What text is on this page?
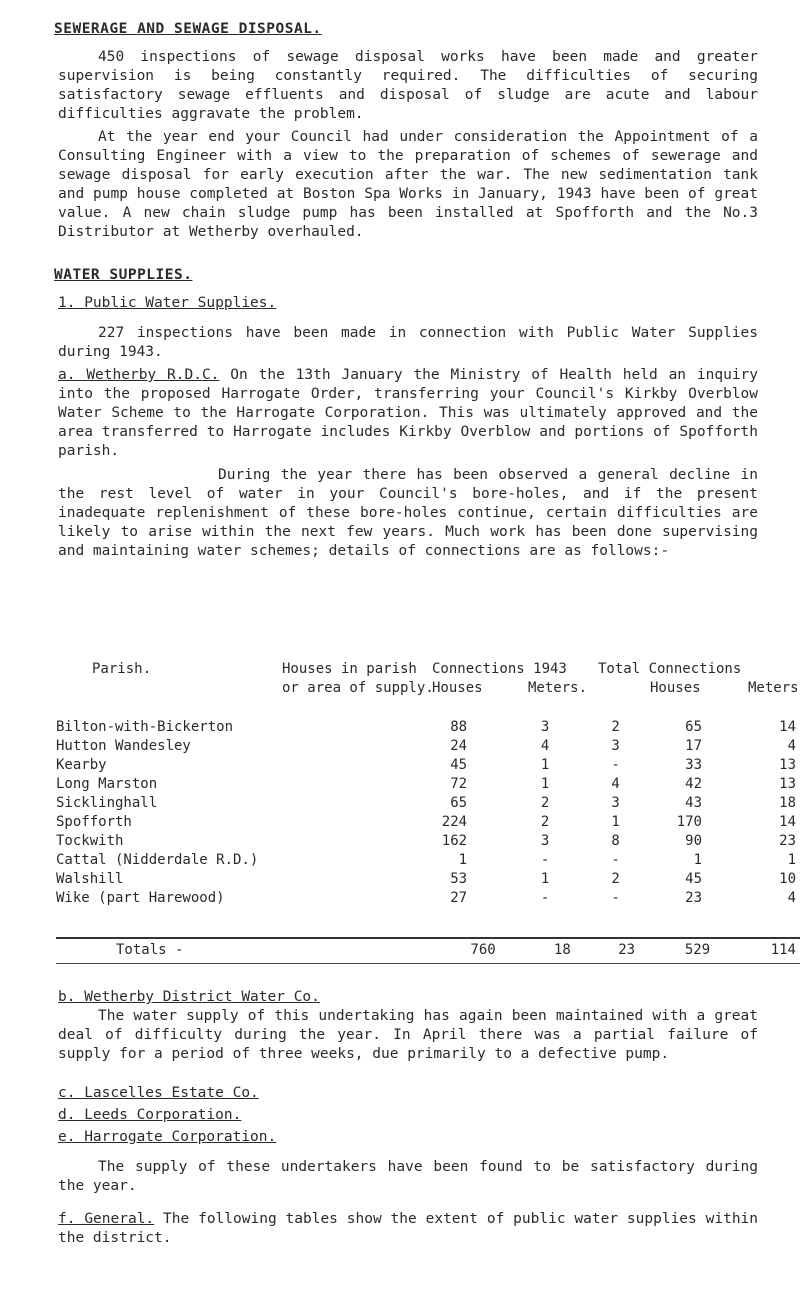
SEWERAGE AND SEWAGE DISPOSAL.
450 inspections of sewage disposal works have been made and greater supervision is being constantly required. The difficulties of securing satisfactory sewage effluents and disposal of sludge are acute and labour difficulties aggravate the problem.
At the year end your Council had under consideration the Appointment of a Consulting Engineer with a view to the preparation of schemes of sewerage and sewage disposal for early execution after the war. The new sedimentation tank and pump house completed at Boston Spa Works in January, 1943 have been of great value. A new chain sludge pump has been installed at Spofforth and the No.3 Distributor at Wetherby overhauled.
WATER SUPPLIES.
1. Public Water Supplies.
227 inspections have been made in connection with Public Water Supplies during 1943.
a. Wetherby R.D.C. On the 13th January the Ministry of Health held an inquiry into the proposed Harrogate Order, transferring your Council's Kirkby Overblow Water Scheme to the Harrogate Corporation. This was ultimately approved and the area transferred to Harrogate includes Kirkby Overblow and portions of Spofforth parish.
During the year there has been observed a general decline in the rest level of water in your Council's bore-holes, and if the present inadequate replenishment of these bore-holes continue, certain difficulties are likely to arise within the next few years. Much work has been done supervising and maintaining water schemes; details of connections are as follows:-
Parish.	Houses in parish
or area of supply.
Connections 1943
Houses	Meters.
Total Connections
Houses	Meters
Bilton-with-Bickerton	88	3	2	65	14
Hutton Wandesley	24	4	3	17	4
Kearby	45	1	-	33	13
Long Marston	72	1	4	42	13
Sicklinghall	65	2	3	43	18
Spofforth	224	2	1	170	14
Tockwith	162	3	8	90	23
Cattal (Nidderdale R.D.)	1	-	-	1	1
Walshill	53	1	2	45	10
Wike (part Harewood)	27	-	-	23	4
Totals -	760	18	23	529	114
b. Wetherby District Water Co.
The water supply of this undertaking has again been maintained with a great deal of difficulty during the year. In April there was a partial failure of supply for a period of three weeks, due primarily to a defective pump.
c. Lascelles Estate Co.
d. Leeds Corporation.
e. Harrogate Corporation.
The supply of these undertakers have been found to be satisfactory during the year.
f. General. The following tables show the extent of public water supplies within the district.
